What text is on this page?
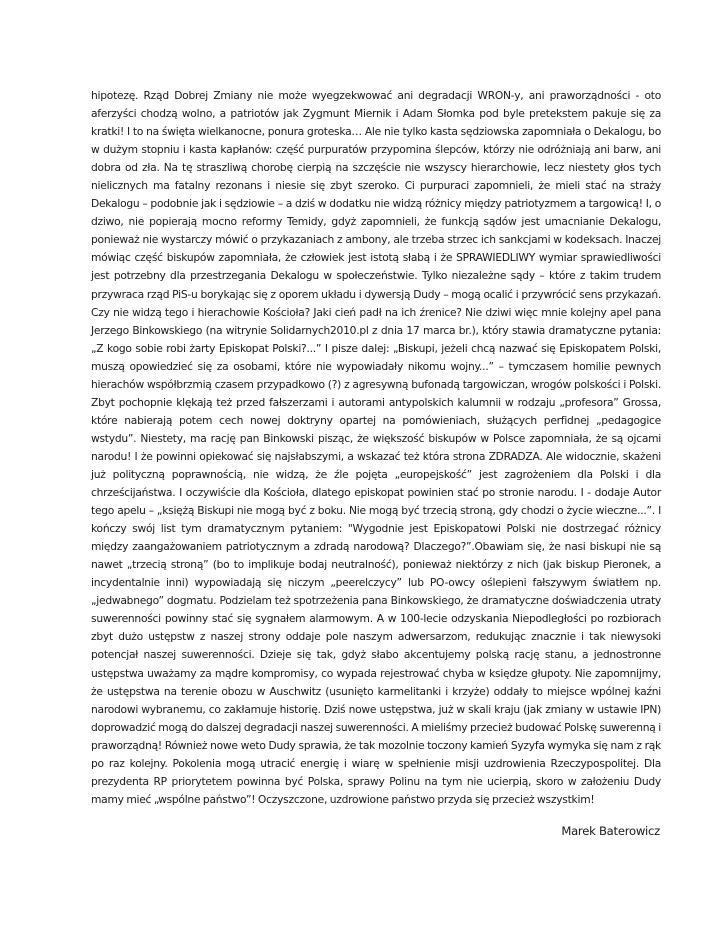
hipotezę. Rząd Dobrej Zmiany nie może wyegzekwować ani degradacji WRON-y, ani praworządności - oto aferzyści chodzą wolno, a patriotów jak Zygmunt Miernik i Adam Słomka pod byle pretekstem pakuje się za kratki! I to na święta wielkanocne, ponura groteska… Ale nie tylko kasta sędziowska zapomniała o Dekalogu, bo w dużym stopniu i kasta kapłanów: część purpuratów przypomina ślepców, którzy nie odróżniają ani barw, ani dobra od zła. Na tę straszliwą chorobę cierpią na szczęście nie wszyscy hierarchowie, lecz niestety głos tych nielicznych ma fatalny rezonans i niesie się zbyt szeroko. Ci purpuraci zapomnieli, że mieli stać na straży Dekalogu – podobnie jak i sędziowie – a dziś w dodatku nie widzą różnicy między patriotyzmem a targowicą! I, o dziwo, nie popierają mocno reformy Temidy, gdyż zapomnieli, że funkcją sądów jest umacnianie Dekalogu, ponieważ nie wystarczy mówić o przykazaniach z ambony, ale trzeba strzec ich sankcjami w kodeksach. Inaczej mówiąc część biskupów zapomniała, że człowiek jest istotą słabą i że SPRAWIEDLIWY wymiar sprawiedliwości jest potrzebny dla przestrzegania Dekalogu w społeczeństwie. Tylko niezależne sądy – które z takim trudem przywraca rząd PiS-u borykając się z oporem układu i dywersją Dudy – mogą ocalić i przywrócić sens przykazań. Czy nie widzą tego i hierachowie Kościoła? Jaki cień padł na ich źrenice? Nie dziwi więc mnie kolejny apel pana Jerzego Binkowskiego (na witrynie Solidarnych2010.pl z dnia 17 marca br.), który stawia dramatyczne pytania: „Z kogo sobie robi żarty Episkopat Polski?...” I pisze dalej: „Biskupi, jeżeli chcą nazwać się Episkopatem Polski, muszą opowiedzieć się za osobami, które nie wypowiadały nikomu wojny...” – tymczasem homilie pewnych hierachów współbrzmią czasem przypadkowo (?) z agresywną bufonadą targowiczan, wrogów polskości i Polski. Zbyt pochopnie klękają też przed fałszerzami i autorami antypolskich kalumnii w rodzaju „profesora” Grossa, które nabierają potem cech nowej doktryny opartej na pomówieniach, służących perfidnej „pedagogice wstydu”. Niestety, ma rację pan Binkowski pisząc, że większość biskupów w Polsce zapomniała, że są ojcami narodu! I że powinni opiekować się najsłabszymi, a wskazać też która strona ZDRADZA. Ale widocznie, skażeni już polityczną poprawnością, nie widzą, że źle pojęta „europejskość” jest zagrożeniem dla Polski i dla chrześcijaństwa. I oczywiście dla Kościoła, dlatego episkopat powinien stać po stronie narodu. I - dodaje Autor tego apelu – „księżą Biskupi nie mogą być z boku. Nie mogą być trzecią stroną, gdy chodzi o życie wieczne...”. I kończy swój list tym dramatycznym pytaniem: "Wygodnie jest Episkopatowi Polski nie dostrzegać różnicy między zaangażowaniem patriotycznym a zdradą narodową? Dlaczego?”.Obawiam się, że nasi biskupi nie są nawet „trzecią stroną” (bo to implikuje bodaj neutralność), ponieważ niektórzy z nich (jak biskup Pieronek, a incydentalnie inni) wypowiadają się niczym „peerelczycy” lub PO-owcy oślepieni fałszywym światłem np. „jedwabnego” dogmatu. Podzielam też spotrzeżenia pana Binkowskiego, że dramatyczne doświadczenia utraty suwerenności powinny stać się sygnałem alarmowym. A w 100-lecie odzyskania Niepodległości po rozbiorach zbyt dużo ustępstw z naszej strony oddaje pole naszym adwersarzom, redukując znacznie i tak niewysoki potencjał naszej suwerenności. Dzieje się tak, gdyż słabo akcentujemy polską rację stanu, a jednostronne ustępstwa uważamy za mądre kompromisy, co wypada rejestrować chyba w księdze głupoty. Nie zapomnijmy, że ustępstwa na terenie obozu w Auschwitz (usunięto karmelitanki i krzyże) oddały to miejsce wpólnej kaźni narodowi wybranemu, co zakłamuje historię. Dziś nowe ustępstwa, już w skali kraju (jak zmiany w ustawie IPN) doprowadzić mogą do dalszej degradacji naszej suwerenności. A mieliśmy przecież budować Polskę suwerenną i praworządną! Również nowe weto Dudy sprawia, że tak mozolnie toczony kamień Syzyfa wymyka się nam z rąk po raz kolejny. Pokolenia mogą utracić energię i wiarę w spełnienie misji uzdrowienia Rzeczypospolitej. Dla prezydenta RP priorytetem powinna być Polska, sprawy Polinu na tym nie ucierpią, skoro w założeniu Dudy mamy mieć „wspólne państwo”! Oczyszczone, uzdrowione państwo przyda się przecież wszystkim!
Marek Baterowicz
